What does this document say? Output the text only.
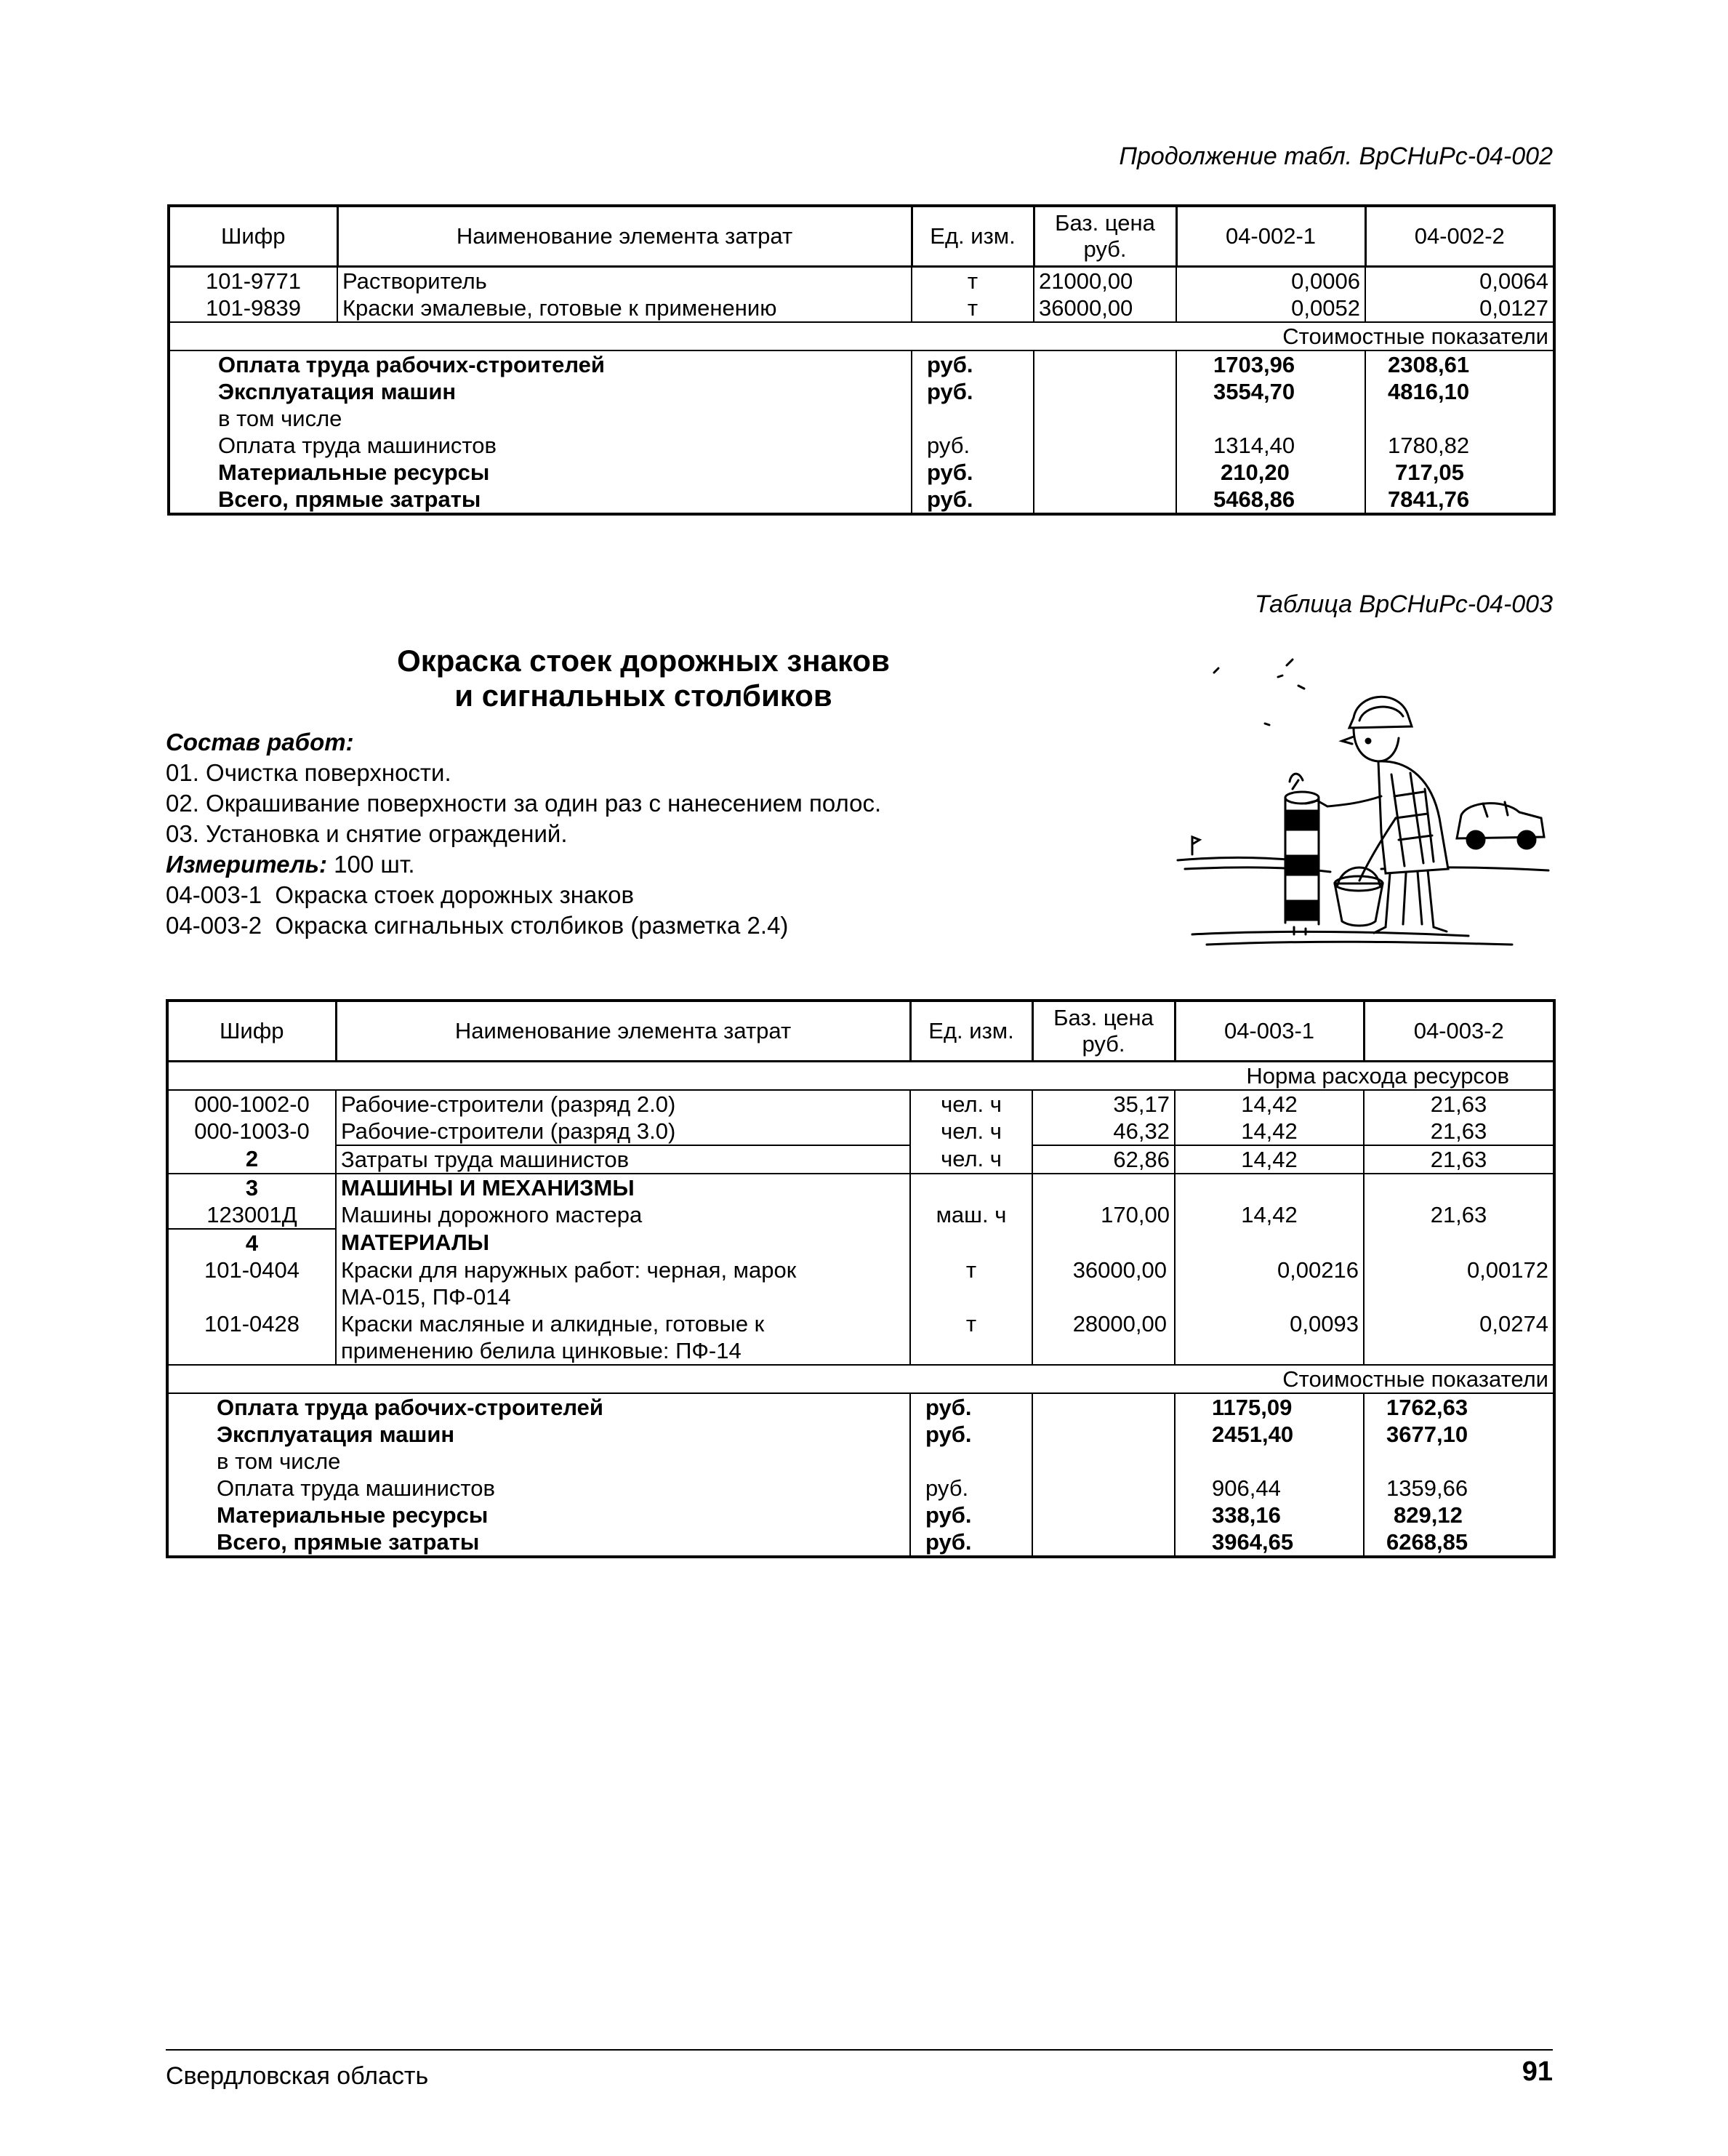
Продолжение табл. ВрСНиРс-04-002
Шифр	Наименование элемента затрат	Ед. изм.	Баз. цена руб.	04-002-1	04-002-2
101-9771	Растворитель	т	21000,00	0,0006	0,0064
101-9839	Краски эмалевые, готовые к применению	т	36000,00	0,0052	0,0127
Стоимостные показатели					
Оплата труда рабочих-строителей		руб.		1703,96	2308,61
Эксплуатация машин		руб.		3554,70	4816,10
в том числе					
Оплата труда машинистов		руб.		1314,40	1780,82
Материальные ресурсы		руб.		210,20	717,05
Всего, прямые затраты		руб.		5468,86	7841,76
Таблица ВрСНиРс-04-003
Окраска стоек дорожных знаков
и сигнальных столбиков
Состав работ:
01. Очистка поверхности.
02. Окрашивание поверхности за один раз с нанесением полос.
03. Установка и снятие ограждений.
Измеритель: 100 шт.
04-003-1  Окраска стоек дорожных знаков
04-003-2  Окраска сигнальных столбиков (разметка 2.4)
Шифр	Наименование элемента затрат	Ед. изм.	Баз. цена руб.	04-003-1	04-003-2
Норма расхода ресурсов					
000-1002-0	Рабочие-строители (разряд 2.0)	чел. ч	35,17	14,42	21,63
000-1003-0	Рабочие-строители (разряд 3.0)	чел. ч	46,32	14,42	21,63
2	Затраты труда машинистов	чел. ч	62,86	14,42	21,63
3	МАШИНЫ И МЕХАНИЗМЫ				
123001Д	Машины дорожного мастера	маш. ч	170,00	14,42	21,63
4	МАТЕРИАЛЫ				
101-0404	Краски для наружных работ: черная, марок	т	36000,00	0,00216	0,00172
	МА-015, ПФ-014				
101-0428	Краски масляные и алкидные, готовые к	т	28000,00	0,0093	0,0274
	применению белила цинковые: ПФ-14				
Стоимостные показатели					
Оплата труда рабочих-строителей		руб.		1175,09	1762,63
Эксплуатация машин		руб.		2451,40	3677,10
в том числе					
Оплата труда машинистов		руб.		906,44	1359,66
Материальные ресурсы		руб.		338,16	829,12
Всего, прямые затраты		руб.		3964,65	6268,85
Свердловская область	91
